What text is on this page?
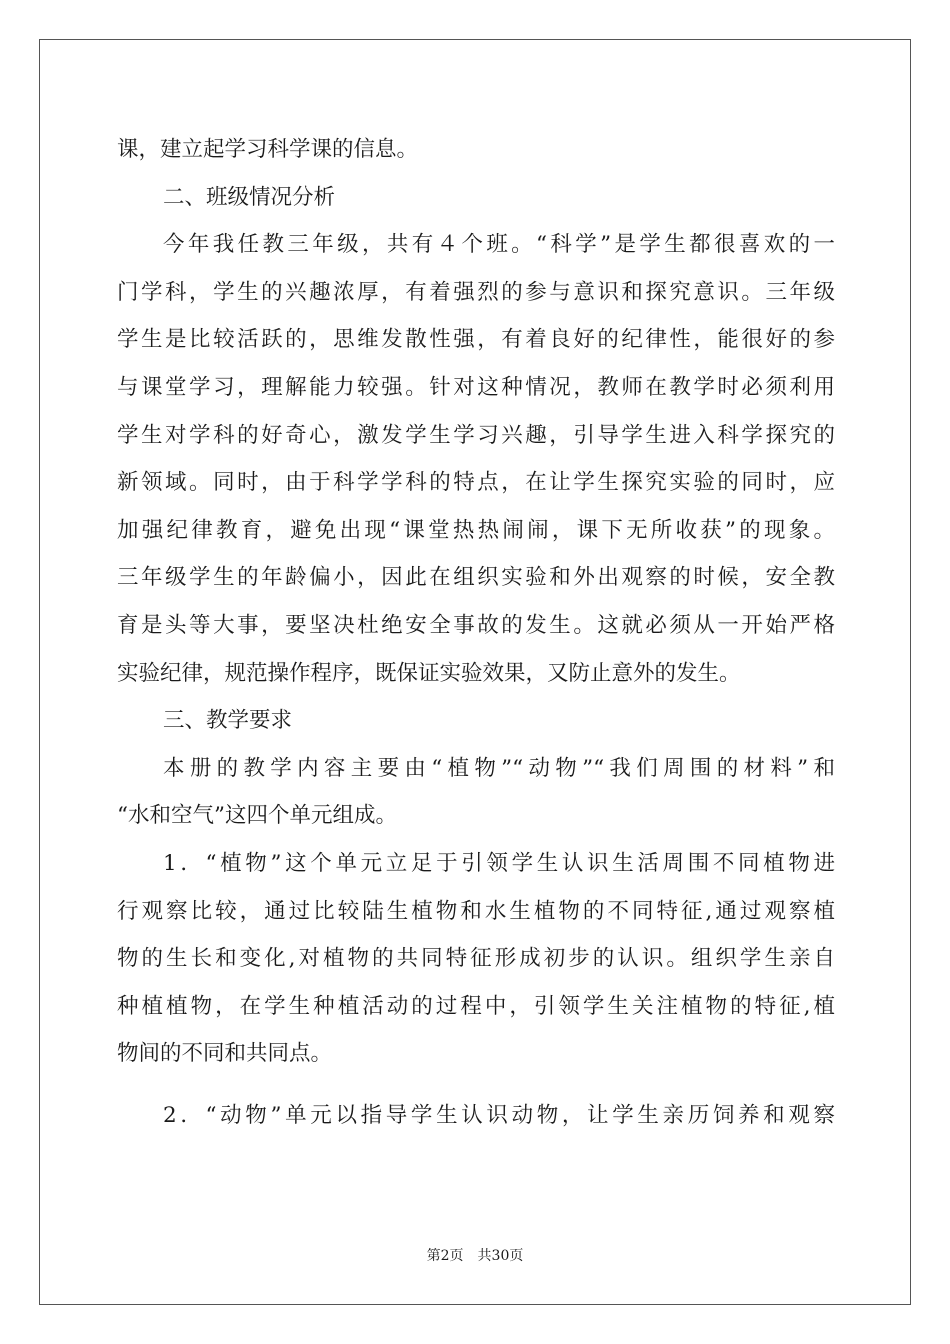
课，建立起学习科学课的信息。
二、班级情况分析
今年我任教三年级，共有４个班。“科学”是学生都很喜欢的一
门学科，学生的兴趣浓厚，有着强烈的参与意识和探究意识。三年级
学生是比较活跃的，思维发散性强，有着良好的纪律性，能很好的参
与课堂学习，理解能力较强。针对这种情况，教师在教学时必须利用
学生对学科的好奇心，激发学生学习兴趣，引导学生进入科学探究的
新领域。同时，由于科学学科的特点，在让学生探究实验的同时，应
加强纪律教育，避免出现“课堂热热闹闹，课下无所收获”的现象。
三年级学生的年龄偏小，因此在组织实验和外出观察的时候，安全教
育是头等大事，要坚决杜绝安全事故的发生。这就必须从一开始严格
实验纪律，规范操作程序，既保证实验效果，又防止意外的发生。
三、教学要求
本册的教学内容主要由“植物”“动物”“我们周围的材料”和
“水和空气”这四个单元组成。
1．“植物”这个单元立足于引领学生认识生活周围不同植物进
行观察比较，通过比较陆生植物和水生植物的不同特征,通过观察植
物的生长和变化,对植物的共同特征形成初步的认识。组织学生亲自
种植植物，在学生种植活动的过程中，引领学生关注植物的特征,植
物间的不同和共同点。
2．“动物”单元以指导学生认识动物，让学生亲历饲养和观察
第2页　共30页
